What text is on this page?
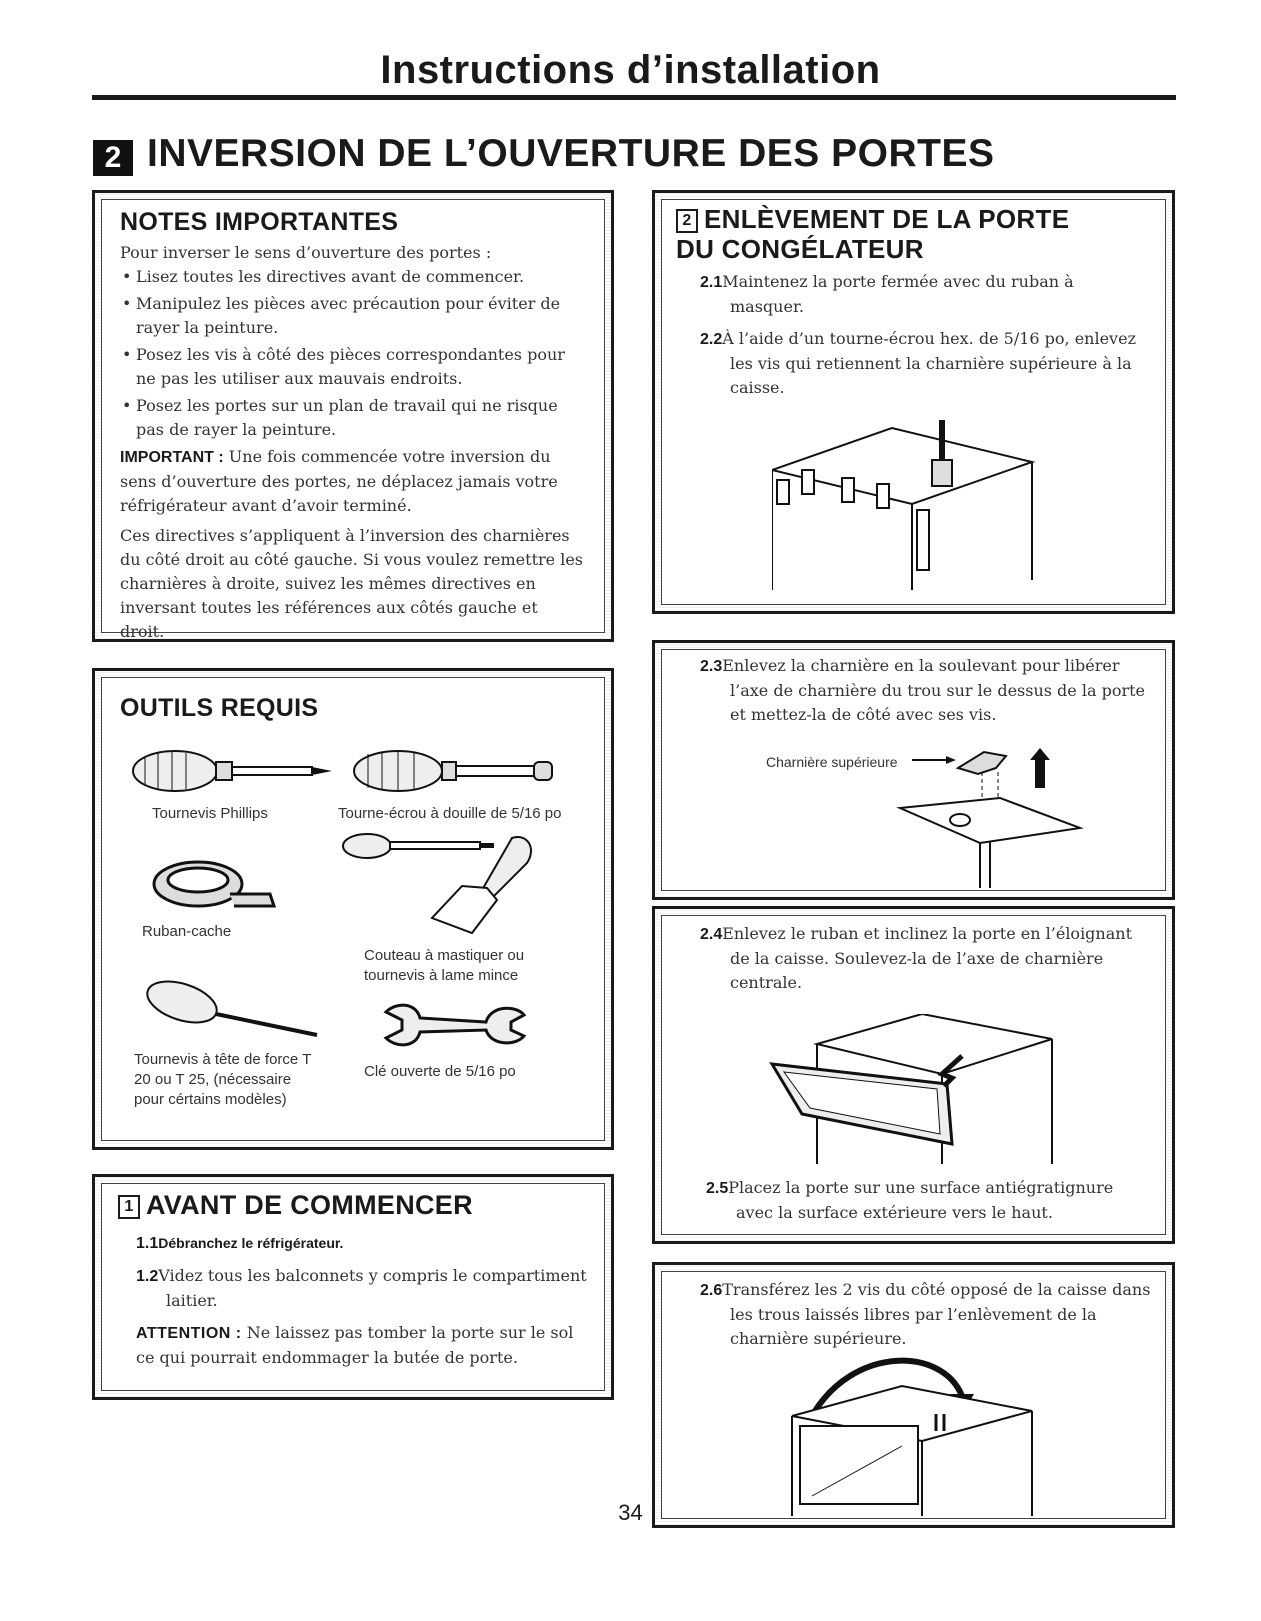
Instructions d’installation
2 INVERSION DE L’OUVERTURE DES PORTES
NOTES IMPORTANTES
Pour inverser le sens d’ouverture des portes :
• Lisez toutes les directives avant de commencer.
• Manipulez les pièces avec précaution pour éviter de rayer la peinture.
• Posez les vis à côté des pièces correspondantes pour ne pas les utiliser aux mauvais endroits.
• Posez les portes sur un plan de travail qui ne risque pas de rayer la peinture.
IMPORTANT : Une fois commencée votre inversion du sens d’ouverture des portes, ne déplacez jamais votre réfrigérateur avant d’avoir terminé.
Ces directives s’appliquent à l’inversion des charnières du côté droit au côté gauche. Si vous voulez remettre les charnières à droite, suivez les mêmes directives en inversant toutes les références aux côtés gauche et droit.
OUTILS REQUIS
Tournevis Phillips	Tourne-écrou à douille de 5/16 po
Ruban-cache
Couteau à mastiquer ou tournevis à lame mince
Tournevis à tête de force T 20 ou T 25, (nécessaire pour cértains modèles)
Clé ouverte de 5/16 po
1 AVANT DE COMMENCER
1.1Débranchez le réfrigérateur.
1.2Videz tous les balconnets y compris le compartiment laitier.
ATTENTION : Ne laissez pas tomber la porte sur le sol ce qui pourrait endommager la butée de porte.
2 ENLÈVEMENT DE LA PORTE
DU CONGÉLATEUR
2.1Maintenez la porte fermée avec du ruban à masquer.
2.2À l’aide d’un tourne-écrou hex. de 5/16 po, enlevez les vis qui retiennent la charnière supérieure à la caisse.
2.3Enlevez la charnière en la soulevant pour libérer l’axe de charnière du trou sur le dessus de la porte et mettez-la de côté avec ses vis.
Charnière supérieure
2.4Enlevez le ruban et inclinez la porte en l’éloignant de la caisse. Soulevez-la de l’axe de charnière centrale.
2.5Placez la porte sur une surface antiégratignure avec la surface extérieure vers le haut.
2.6Transférez les 2 vis du côté opposé de la caisse dans les trous laissés libres par l’enlèvement de la charnière supérieure.
34
